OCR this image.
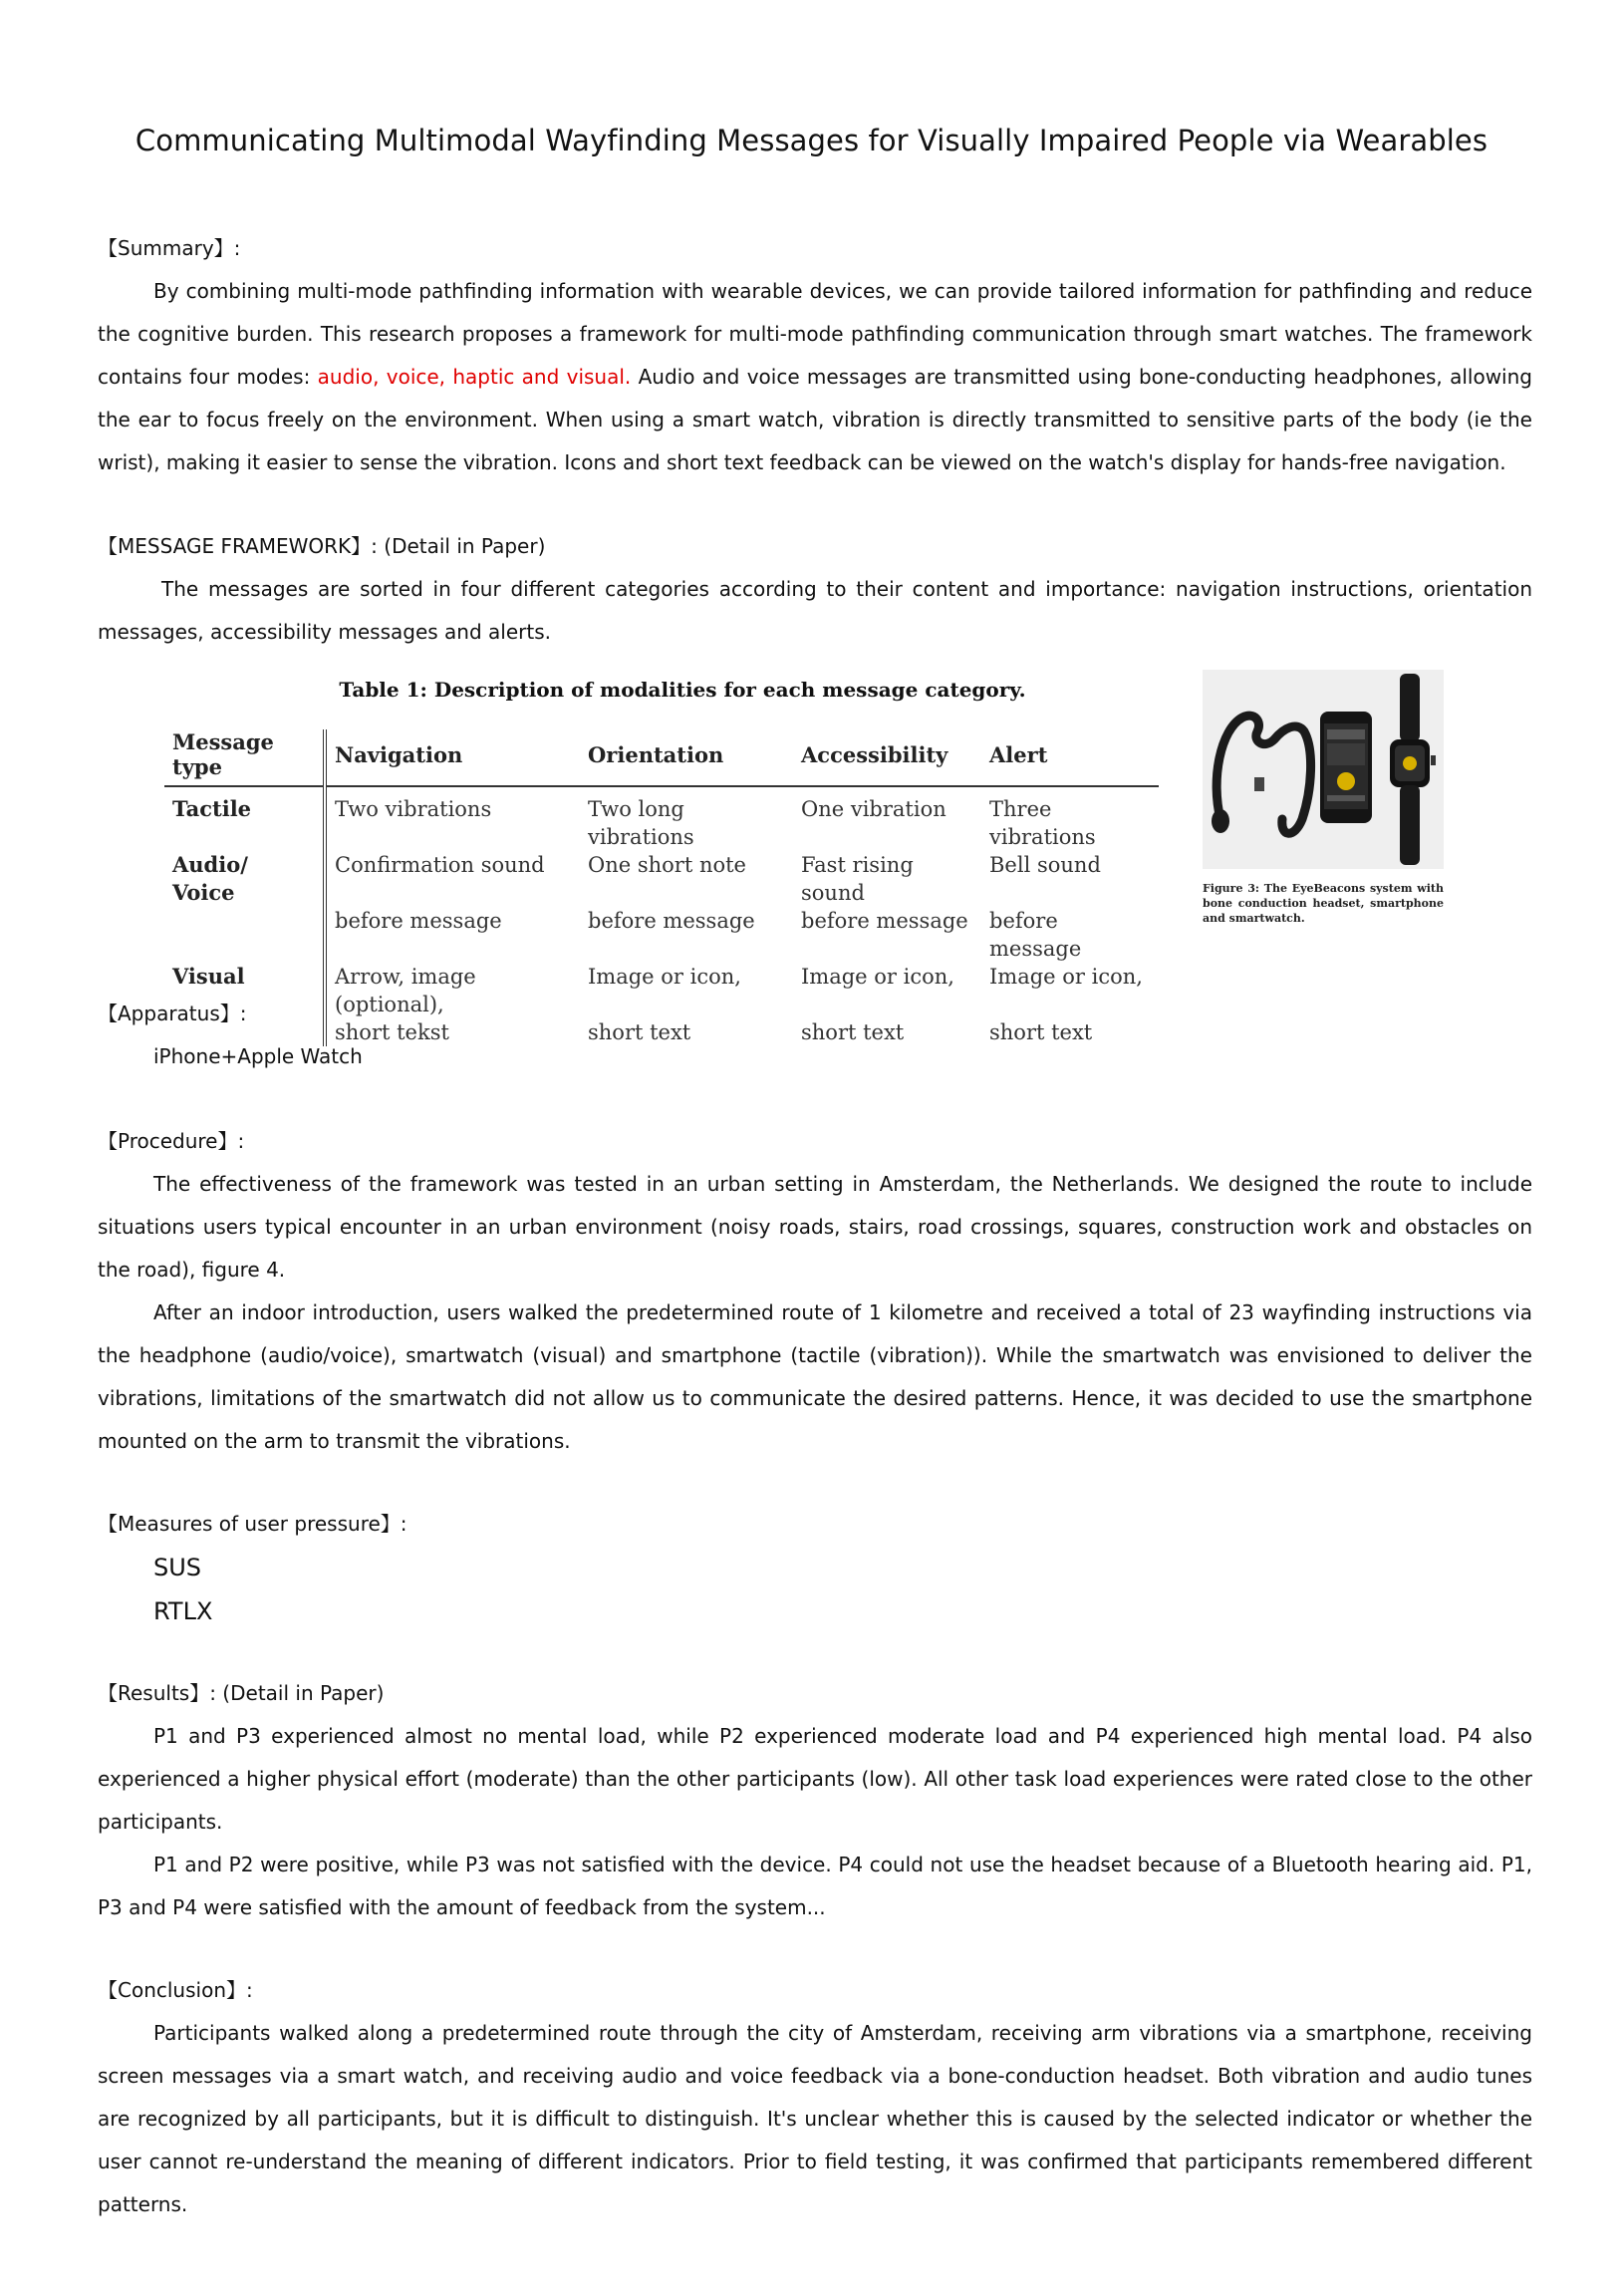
Communicating Multimodal Wayfinding Messages for Visually Impaired People via Wearables
【Summary】:

By combining multi-mode pathfinding information with wearable devices, we can provide tailored information for pathfinding and reduce the cognitive burden. This research proposes a framework for multi-mode pathfinding communication through smart watches. The framework contains four modes: audio, voice, haptic and visual. Audio and voice messages are transmitted using bone-conducting headphones, allowing the ear to focus freely on the environment. When using a smart watch, vibration is directly transmitted to sensitive parts of the body (ie the wrist), making it easier to sense the vibration. Icons and short text feedback can be viewed on the watch's display for hands-free navigation.

【MESSAGE FRAMEWORK】: (Detail in Paper)

The messages are sorted in four different categories according to their content and importance: navigation instructions, orientation messages, accessibility messages and alerts.

Table 1: Description of modalities for each message category.
Message type	Navigation	Orientation	Accessibility	Alert
Tactile	Two vibrations	Two long vibrations	One vibration	Three vibrations
Audio/ Voice	Confirmation sound	One short note	Fast rising sound	Bell sound
	before message	before message	before message	before message
Visual	Arrow, image (optional),	Image or icon,	Image or icon,	Image or icon,
	short tekst	short text	short text	short text
Figure 3: The EyeBeacons system with bone conduction headset, smartphone and smartwatch.
【Apparatus】:
iPhone+Apple Watch
【Procedure】:

The effectiveness of the framework was tested in an urban setting in Amsterdam, the Netherlands. We designed the route to include situations users typical encounter in an urban environment (noisy roads, stairs, road crossings, squares, construction work and obstacles on the road), figure 4.

After an indoor introduction, users walked the predetermined route of 1 kilometre and received a total of 23 wayfinding instructions via the headphone (audio/voice), smartwatch (visual) and smartphone (tactile (vibration)). While the smartwatch was envisioned to deliver the vibrations, limitations of the smartwatch did not allow us to communicate the desired patterns. Hence, it was decided to use the smartphone mounted on the arm to transmit the vibrations.

【Measures of user pressure】:
SUS
RTLX
【Results】: (Detail in Paper)

P1 and P3 experienced almost no mental load, while P2 experienced moderate load and P4 experienced high mental load. P4 also experienced a higher physical effort (moderate) than the other participants (low). All other task load experiences were rated close to the other participants.

P1 and P2 were positive, while P3 was not satisfied with the device. P4 could not use the headset because of a Bluetooth hearing aid. P1, P3 and P4 were satisfied with the amount of feedback from the system...

【Conclusion】:

Participants walked along a predetermined route through the city of Amsterdam, receiving arm vibrations via a smartphone, receiving screen messages via a smart watch, and receiving audio and voice feedback via a bone-conduction headset. Both vibration and audio tunes are recognized by all participants, but it is difficult to distinguish. It's unclear whether this is caused by the selected indicator or whether the user cannot re-understand the meaning of different indicators. Prior to field testing, it was confirmed that participants remembered different patterns.
